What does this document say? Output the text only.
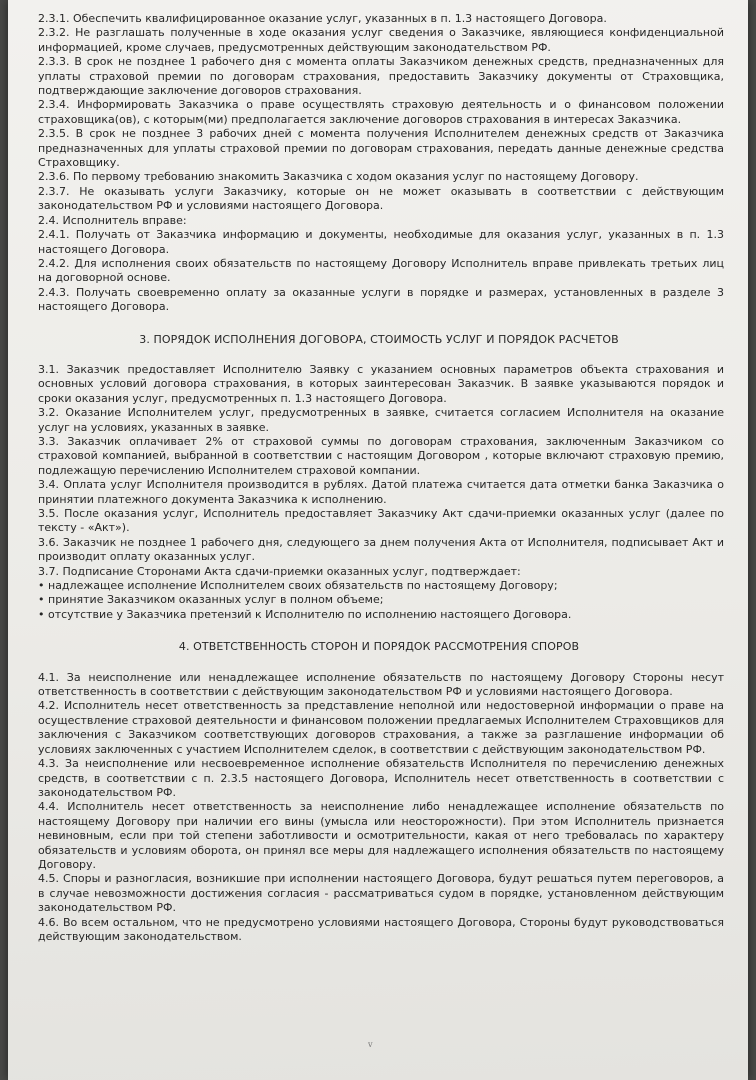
2.3.1. Обеспечить квалифицированное оказание услуг, указанных в п. 1.3 настоящего Договора.

2.3.2. Не разглашать полученные в ходе оказания услуг сведения о Заказчике, являющиеся конфиденциальной информацией, кроме случаев, предусмотренных действующим законодательством РФ.

2.3.3. В срок не позднее 1 рабочего дня с момента оплаты Заказчиком денежных средств, предназначенных для уплаты страховой премии по договорам страхования, предоставить Заказчику документы от Страховщика, подтверждающие заключение договоров страхования.

2.3.4. Информировать Заказчика о праве осуществлять страховую деятельность и о финансовом положении страховщика(ов), с которым(ми) предполагается заключение договоров страхования в интересах Заказчика.

2.3.5. В срок не позднее 3 рабочих дней с момента получения Исполнителем денежных средств от Заказчика предназначенных для уплаты страховой премии по договорам страхования, передать данные денежные средства Страховщику.

2.3.6. По первому требованию знакомить Заказчика с ходом оказания услуг по настоящему Договору.

2.3.7. Не оказывать услуги Заказчику, которые он не может оказывать в соответствии с действующим законодательством РФ и условиями настоящего Договора.

2.4. Исполнитель вправе:

2.4.1. Получать от Заказчика информацию и документы, необходимые для оказания услуг, указанных в п. 1.3 настоящего Договора.

2.4.2. Для исполнения своих обязательств по настоящему Договору Исполнитель вправе привлекать третьих лиц на договорной основе.

2.4.3. Получать своевременно оплату за оказанные услуги в порядке и размерах, установленных в разделе 3 настоящего Договора.

3. ПОРЯДОК ИСПОЛНЕНИЯ ДОГОВОРА, СТОИМОСТЬ УСЛУГ И ПОРЯДОК РАСЧЕТОВ

3.1. Заказчик предоставляет Исполнителю Заявку с указанием основных параметров объекта страхования и основных условий договора страхования, в которых заинтересован Заказчик. В заявке указываются порядок и сроки оказания услуг, предусмотренных п. 1.3 настоящего Договора.

3.2. Оказание Исполнителем услуг, предусмотренных в заявке, считается согласием Исполнителя на оказание услуг на условиях, указанных в заявке.

3.3. Заказчик оплачивает 2% от страховой суммы по договорам страхования, заключенным Заказчиком со страховой компанией, выбранной в соответствии с настоящим Договором , которые включают страховую премию, подлежащую перечислению Исполнителем страховой компании.

3.4. Оплата услуг Исполнителя производится в рублях. Датой платежа считается дата отметки банка Заказчика о принятии платежного документа Заказчика к исполнению.

3.5. После оказания услуг, Исполнитель предоставляет Заказчику Акт сдачи-приемки оказанных услуг (далее по тексту - «Акт»).

3.6. Заказчик не позднее 1 рабочего дня, следующего за днем получения Акта от Исполнителя, подписывает Акт и производит оплату оказанных услуг.

3.7. Подписание Сторонами Акта сдачи-приемки оказанных услуг, подтверждает:

• надлежащее исполнение Исполнителем своих обязательств по настоящему Договору;
• принятие Заказчиком оказанных услуг в полном объеме;
• отсутствие у Заказчика претензий к Исполнителю по исполнению настоящего Договора.

4. ОТВЕТСТВЕННОСТЬ СТОРОН И ПОРЯДОК РАССМОТРЕНИЯ СПОРОВ

4.1. За неисполнение или ненадлежащее исполнение обязательств по настоящему Договору Стороны несут ответственность в соответствии с действующим законодательством РФ и условиями настоящего Договора.

4.2. Исполнитель несет ответственность за представление неполной или недостоверной информации о праве на осуществление страховой деятельности и финансовом положении предлагаемых Исполнителем Страховщиков для заключения с Заказчиком соответствующих договоров страхования, а также за разглашение информации об условиях заключенных с участием Исполнителем сделок, в соответствии с действующим законодательством РФ.

4.3. За неисполнение или несвоевременное исполнение обязательств Исполнителя по перечислению денежных средств, в соответствии с п. 2.3.5 настоящего Договора, Исполнитель несет ответственность в соответствии с законодательством РФ.

4.4. Исполнитель несет ответственность за неисполнение либо ненадлежащее исполнение обязательств по настоящему Договору при наличии его вины (умысла или неосторожности). При этом Исполнитель признается невиновным, если при той степени заботливости и осмотрительности, какая от него требовалась по характеру обязательств и условиям оборота, он принял все меры для надлежащего исполнения обязательств по настоящему Договору.

4.5. Споры и разногласия, возникшие при исполнении настоящего Договора, будут решаться путем переговоров, а в случае невозможности достижения согласия - рассматриваться судом в порядке, установленном действующим законодательством РФ.

4.6. Во всем остальном, что не предусмотрено условиями настоящего Договора, Стороны будут руководствоваться действующим законодательством.

v
